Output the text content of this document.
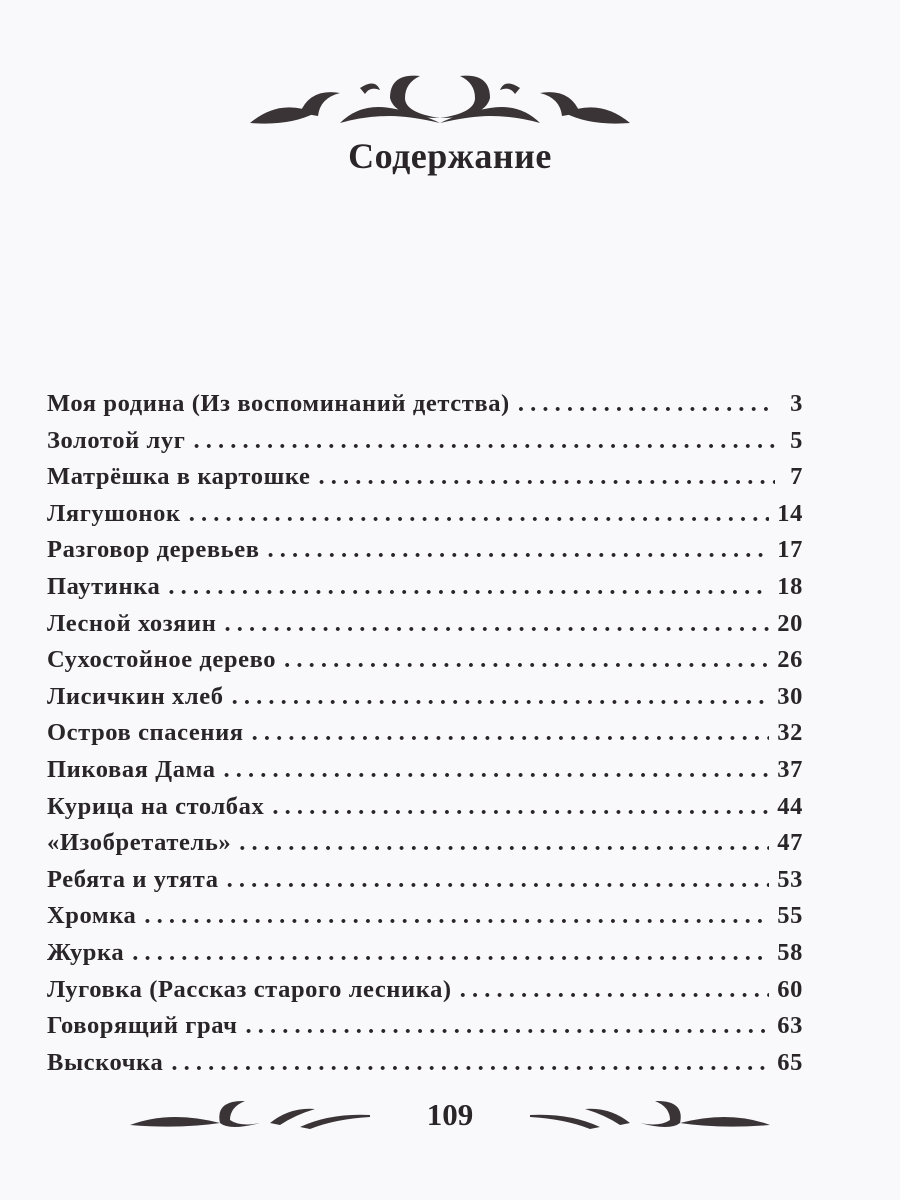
Содержание
Моя родина (Из воспоминаний детства) . . .	3
Золотой луг . . .	5
Матрёшка в картошке . . .	7
Лягушонок . . .	14
Разговор деревьев . . .	17
Паутинка . . .	18
Лесной хозяин . . .	20
Сухостойное дерево . . .	26
Лисичкин хлеб . . .	30
Остров спасения . . .	32
Пиковая Дама . . .	37
Курица на столбах . . .	44
«Изобретатель» . . .	47
Ребята и утята . . .	53
Хромка . . .	55
Журка . . .	58
Луговка (Рассказ старого лесника) . . .	60
Говорящий грач . . .	63
Выскочка . . .	65
109
